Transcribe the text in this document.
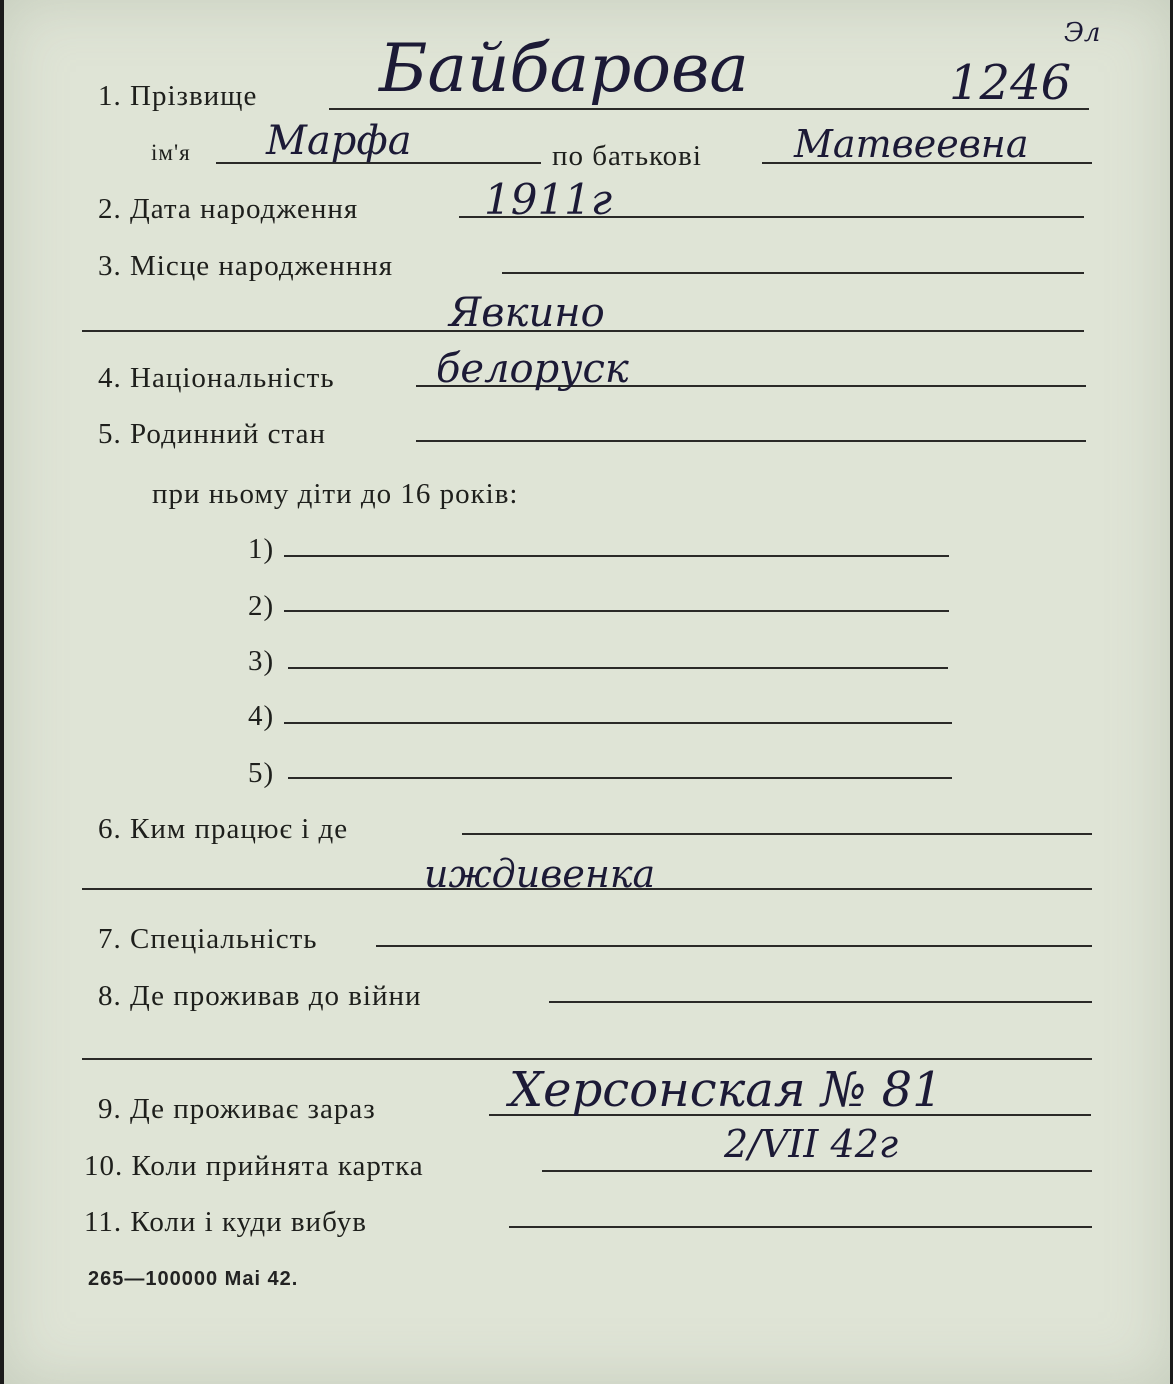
1. Прізвище Байбарова	1246
Эл
ім'я Марфа	по батькові Матвеевна
2. Дата народження	1911г
3. Місце народженння
Явкино
4. Національність	белоруск
5. Родинний стан
при ньому діти до 16 років:
1)
2)
3)
4)
5)
6. Ким працює і де
иждивенка
7. Спеціальність
8. Де проживав до війни
9. Де проживає зараз	Херсонская № 81
10. Коли прийнята картка	2/VII 42г
11. Коли і куди вибув
265—100000 Mai 42.
